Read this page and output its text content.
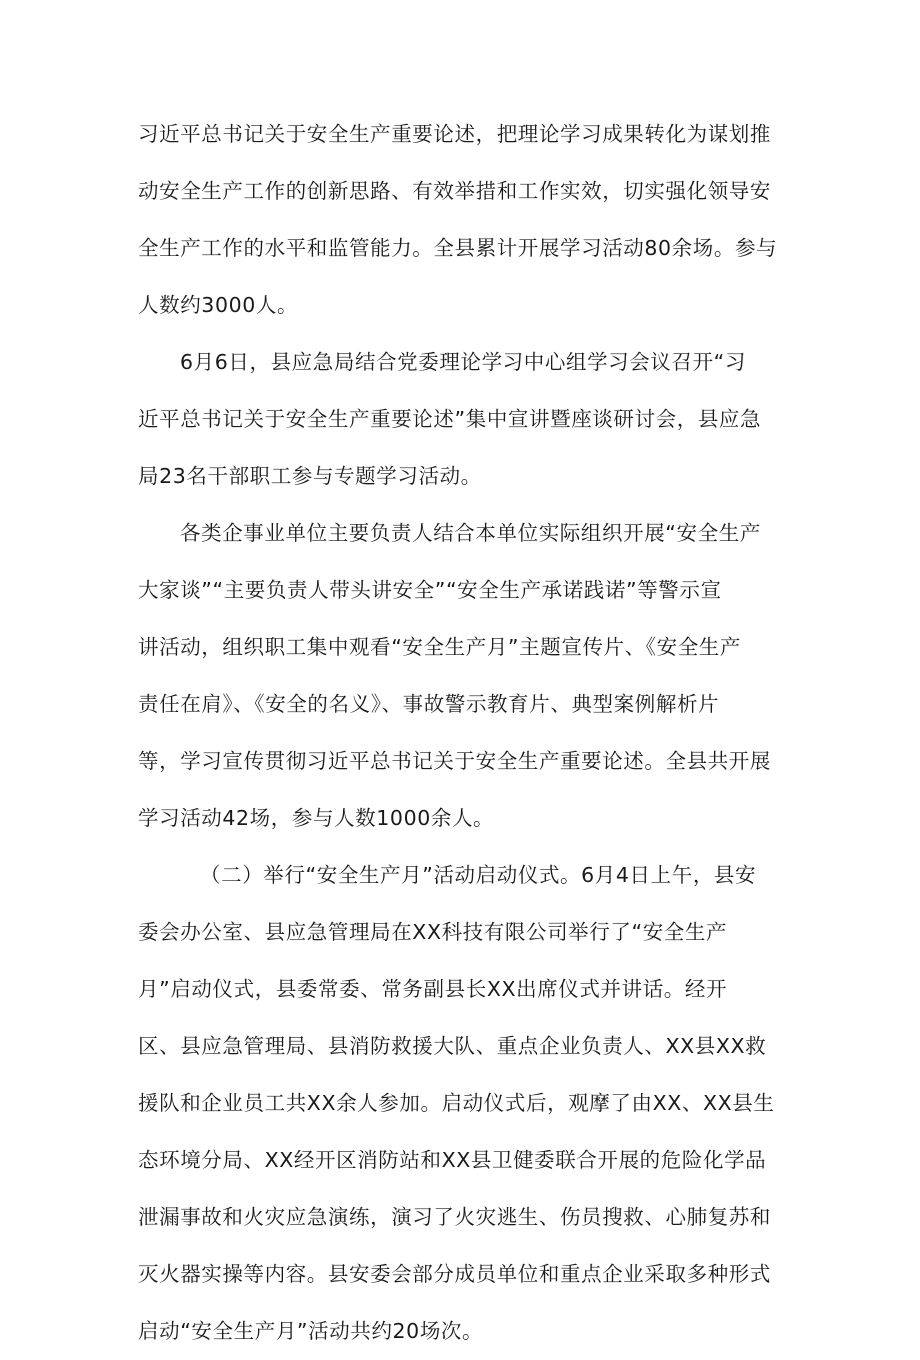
习近平总书记关于安全生产重要论述，把理论学习成果转化为谋划推
动安全生产工作的创新思路、有效举措和工作实效，切实强化领导安
全生产工作的水平和监管能力。全县累计开展学习活动80余场。参与
人数约3000人。

6月6日，县应急局结合党委理论学习中心组学习会议召开“习
近平总书记关于安全生产重要论述”集中宣讲暨座谈研讨会，县应急
局23名干部职工参与专题学习活动。

各类企事业单位主要负责人结合本单位实际组织开展“安全生产
大家谈”“主要负责人带头讲安全”“安全生产承诺践诺”等警示宣
讲活动，组织职工集中观看“安全生产月”主题宣传片、《安全生产
责任在肩》、《安全的名义》、事故警示教育片、典型案例解析片
等，学习宣传贯彻习近平总书记关于安全生产重要论述。全县共开展
学习活动42场，参与人数1000余人。

（二）举行“安全生产月”活动启动仪式。6月4日上午，县安
委会办公室、县应急管理局在XX科技有限公司举行了“安全生产
月”启动仪式，县委常委、常务副县长XX出席仪式并讲话。经开
区、县应急管理局、县消防救援大队、重点企业负责人、XX县XX救
援队和企业员工共XX余人参加。启动仪式后，观摩了由XX、XX县生
态环境分局、XX经开区消防站和XX县卫健委联合开展的危险化学品
泄漏事故和火灾应急演练，演习了火灾逃生、伤员搜救、心肺复苏和
灭火器实操等内容。县安委会部分成员单位和重点企业采取多种形式
启动“安全生产月”活动共约20场次。
